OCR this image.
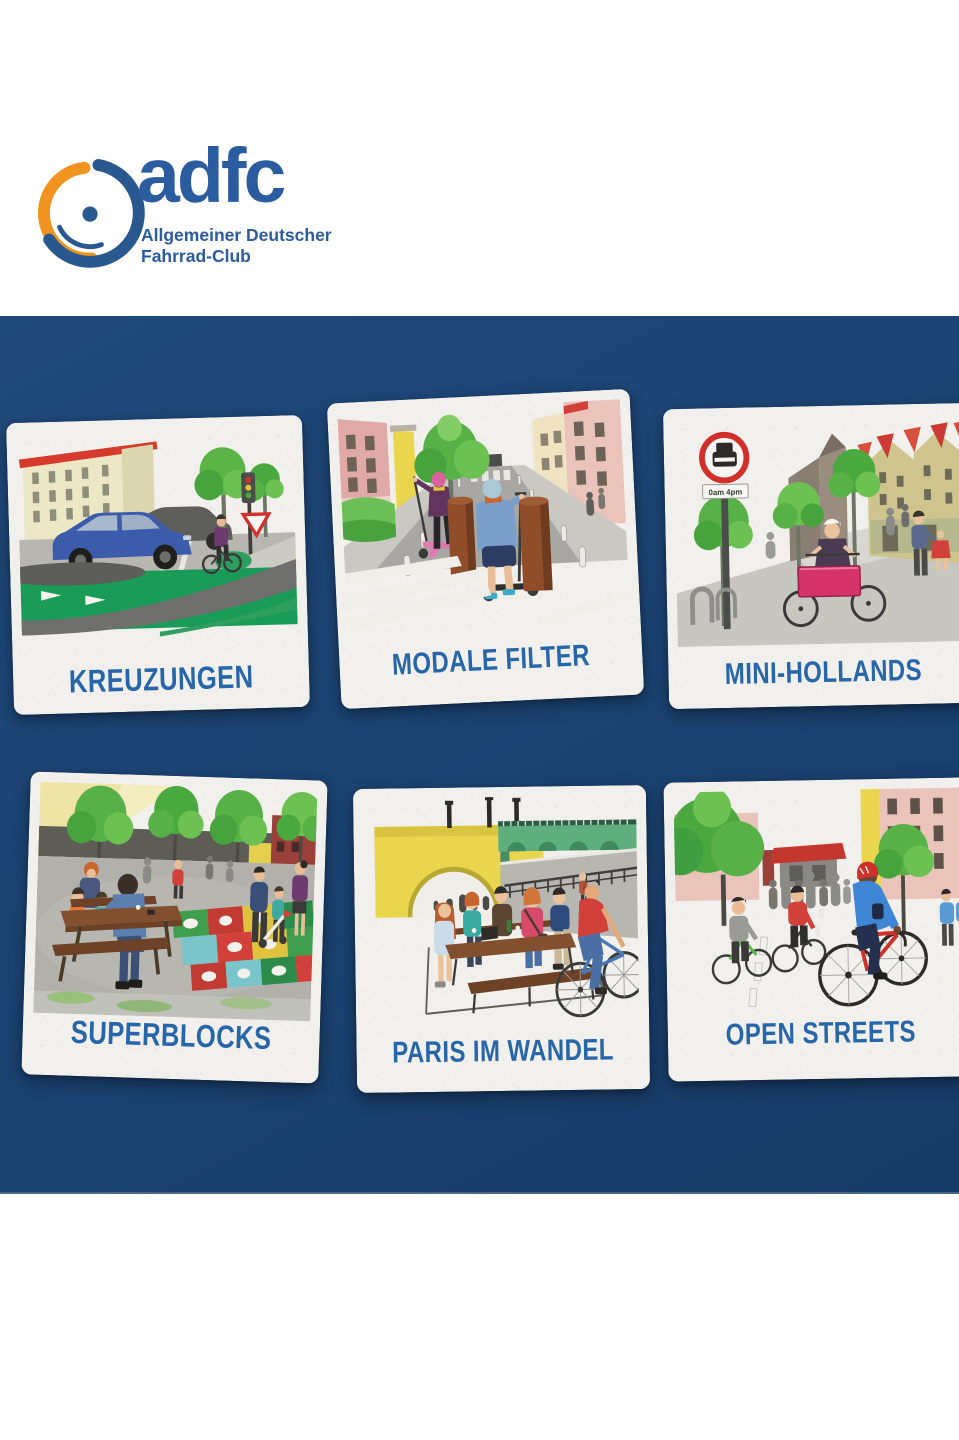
adfc
Allgemeiner Deutscher
Fahrrad-Club
KREUZUNGEN	MODALE FILTER
0am 4pm
MINI-HOLLANDS
SUPERBLOCKS	PARIS IM WANDEL	OPEN STREETS
